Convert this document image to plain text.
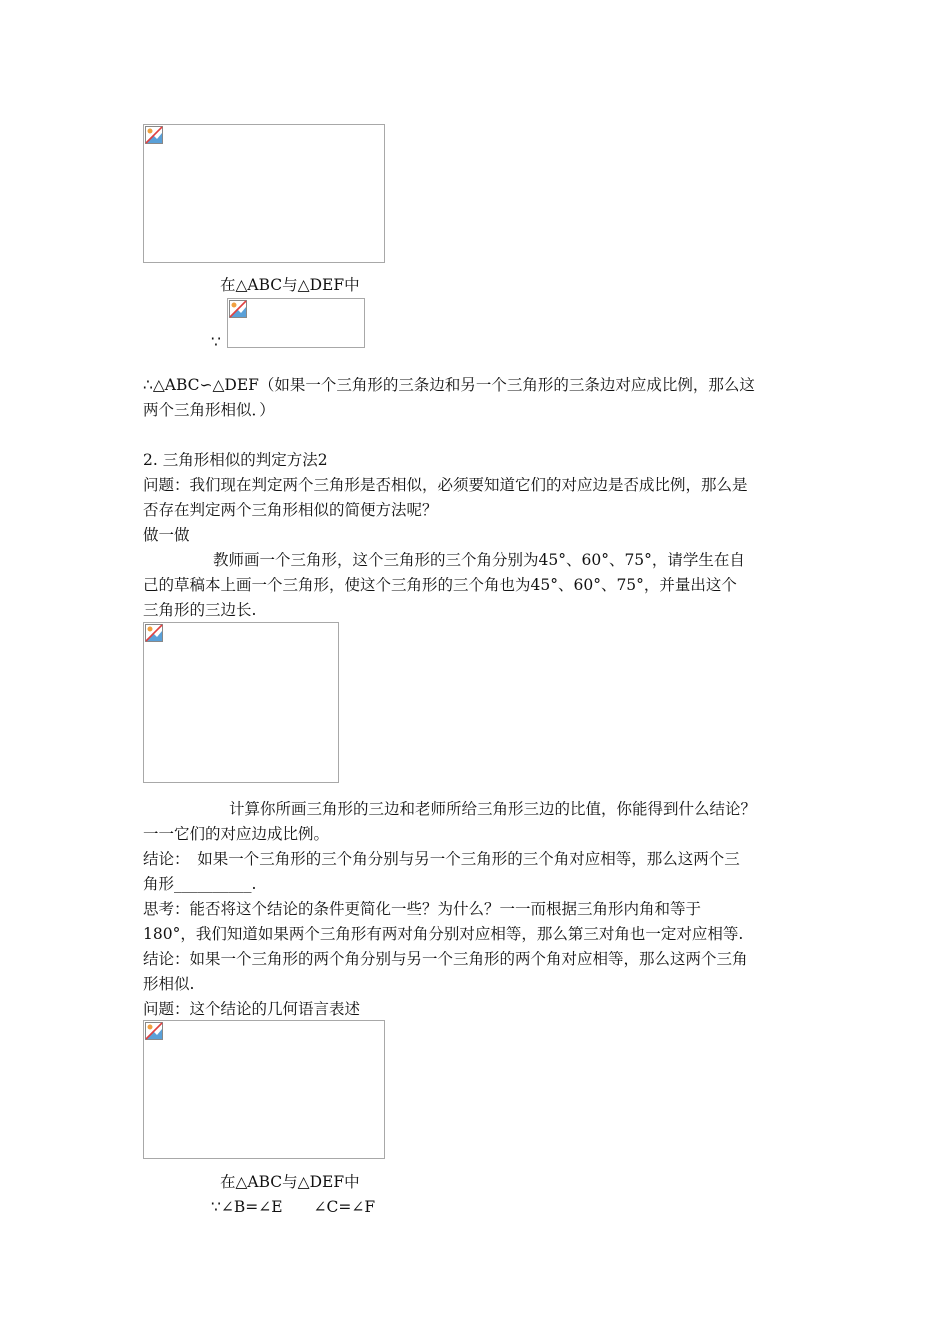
在△ABC与△DEF中
∵
∴△ABC∽△DEF（如果一个三角形的三条边和另一个三角形的三条边对应成比例，那么这
两个三角形相似．）
2. 三角形相似的判定方法2
问题：我们现在判定两个三角形是否相似，必须要知道它们的对应边是否成比例，那么是
否存在判定两个三角形相似的简便方法呢？
做一做
教师画一个三角形，这个三角形的三个角分别为45°、60°、75°，请学生在自
己的草稿本上画一个三角形，使这个三角形的三个角也为45°、60°、75°，并量出这个
三角形的三边长.
计算你所画三角形的三边和老师所给三角形三边的比值，你能得到什么结论？
一一它们的对应边成比例。
结论：　如果一个三角形的三个角分别与另一个三角形的三个角对应相等，那么这两个三
角形__________.
思考：能否将这个结论的条件更简化一些？为什么？一一而根据三角形内角和等于
180°，我们知道如果两个三角形有两对角分别对应相等，那么第三对角也一定对应相等.
结论：如果一个三角形的两个角分别与另一个三角形的两个角对应相等，那么这两个三角
形相似.
问题：这个结论的几何语言表述
在△ABC与△DEF中
∵∠B=∠E　　∠C=∠F
